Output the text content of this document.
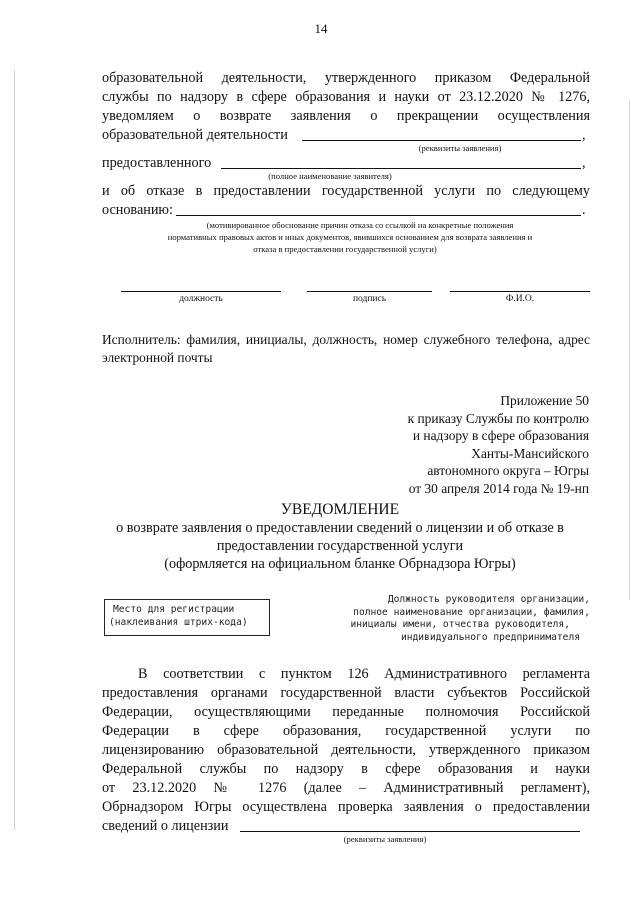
14
образовательной деятельности, утвержденного приказом Федеральной
службы по надзору в сфере образования и науки от 23.12.2020 № 1276,
уведомляем о возврате заявления о прекращении осуществления
образовательной деятельности	,
(реквизиты заявления)
предоставленного	,
(полное наименование заявителя)
и об отказе в предоставлении государственной услуги по следующему
основанию:	.
(мотивированное обоснование причин отказа со ссылкой на конкретные положения
нормативных правовых актов и иных документов, явившихся основанием для возврата заявления и
отказа в предоставлении государственной услуги)
должность	подпись	Ф.И.О.
Исполнитель: фамилия, инициалы, должность, номер служебного телефона, адрес
электронной почты
Приложение 50
к приказу Службы по контролю
и надзору в сфере образования
Ханты-Мансийского
автономного округа – Югры
от 30 апреля 2014 года № 19-нп
УВЕДОМЛЕНИЕ
о возврате заявления о предоставлении сведений о лицензии и об отказе в
предоставлении государственной услуги
(оформляется на официальном бланке Обрнадзора Югры)
Место для регистрации
(наклеивания штрих-кода)
Должность руководителя организации,
полное наименование организации, фамилия,
инициалы имени, отчества руководителя,
индивидуального предпринимателя
В соответствии с пунктом 126 Административного регламента
предоставления органами государственной власти субъектов Российской
Федерации, осуществляющими переданные полномочия Российской
Федерации в сфере образования, государственной услуги по
лицензированию образовательной деятельности, утвержденного приказом
Федеральной службы по надзору в сфере образования и науки
от 23.12.2020 № 1276 (далее – Административный регламент),
Обрнадзором Югры осуществлена проверка заявления о предоставлении
сведений о лицензии
(реквизиты заявления)
